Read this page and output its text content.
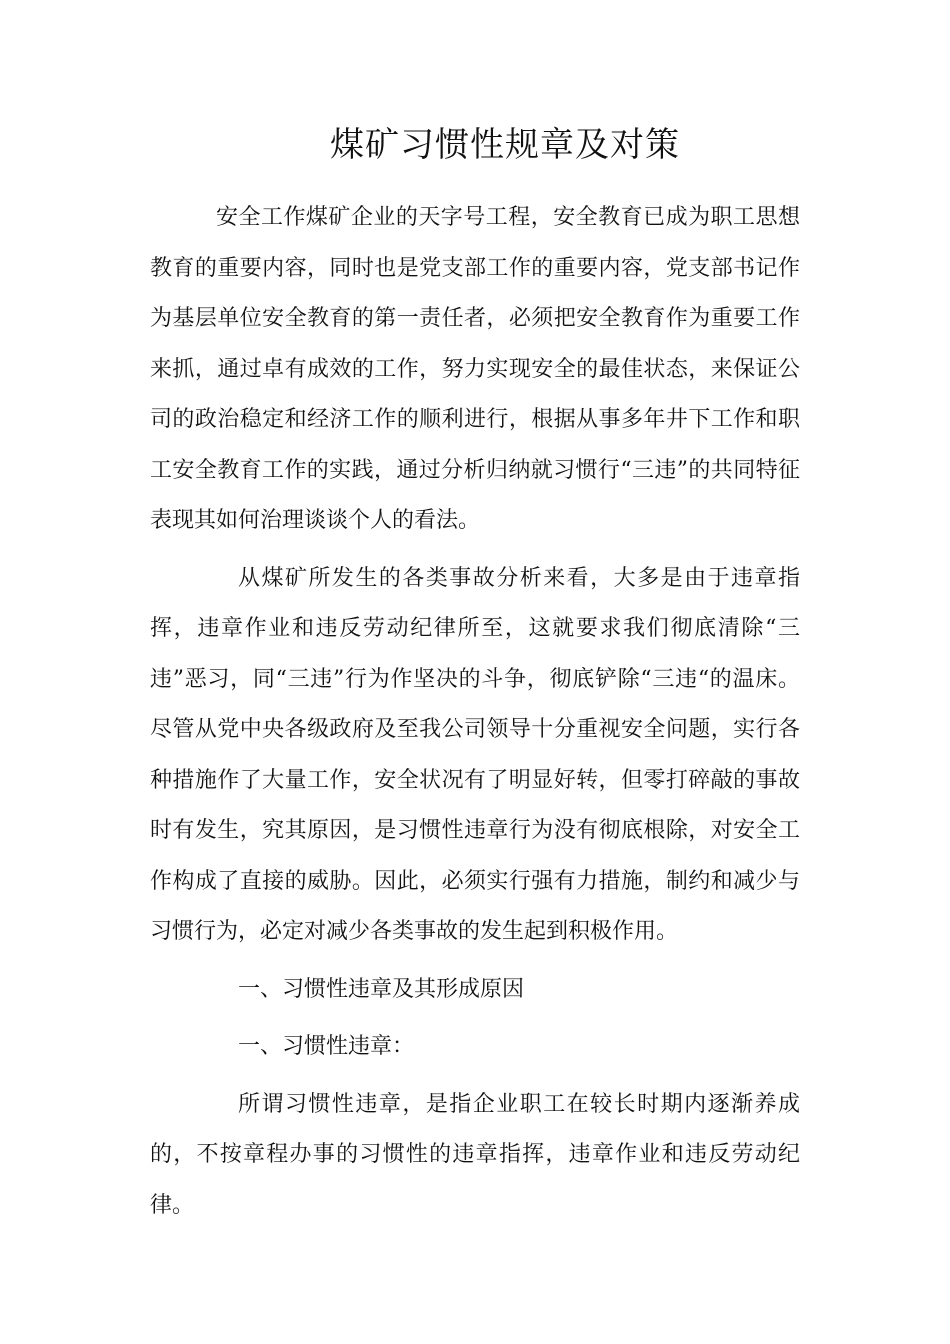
煤矿习惯性规章及对策

安全工作煤矿企业的天字号工程，安全教育已成为职工思想教育的重要内容，同时也是党支部工作的重要内容，党支部书记作为基层单位安全教育的第一责任者，必须把安全教育作为重要工作来抓，通过卓有成效的工作，努力实现安全的最佳状态，来保证公司的政治稳定和经济工作的顺利进行，根据从事多年井下工作和职工安全教育工作的实践，通过分析归纳就习惯行“三违”的共同特征表现其如何治理谈谈个人的看法。

从煤矿所发生的各类事故分析来看，大多是由于违章指挥，违章作业和违反劳动纪律所至，这就要求我们彻底清除“三违”恶习，同“三违”行为作坚决的斗争，彻底铲除“三违“的温床。尽管从党中央各级政府及至我公司领导十分重视安全问题，实行各种措施作了大量工作，安全状况有了明显好转，但零打碎敲的事故时有发生，究其原因，是习惯性违章行为没有彻底根除，对安全工作构成了直接的威胁。因此，必须实行强有力措施，制约和减少与习惯行为，必定对减少各类事故的发生起到积极作用。

一、习惯性违章及其形成原因

一、习惯性违章：

所谓习惯性违章，是指企业职工在较长时期内逐渐养成的，不按章程办事的习惯性的违章指挥，违章作业和违反劳动纪律。
